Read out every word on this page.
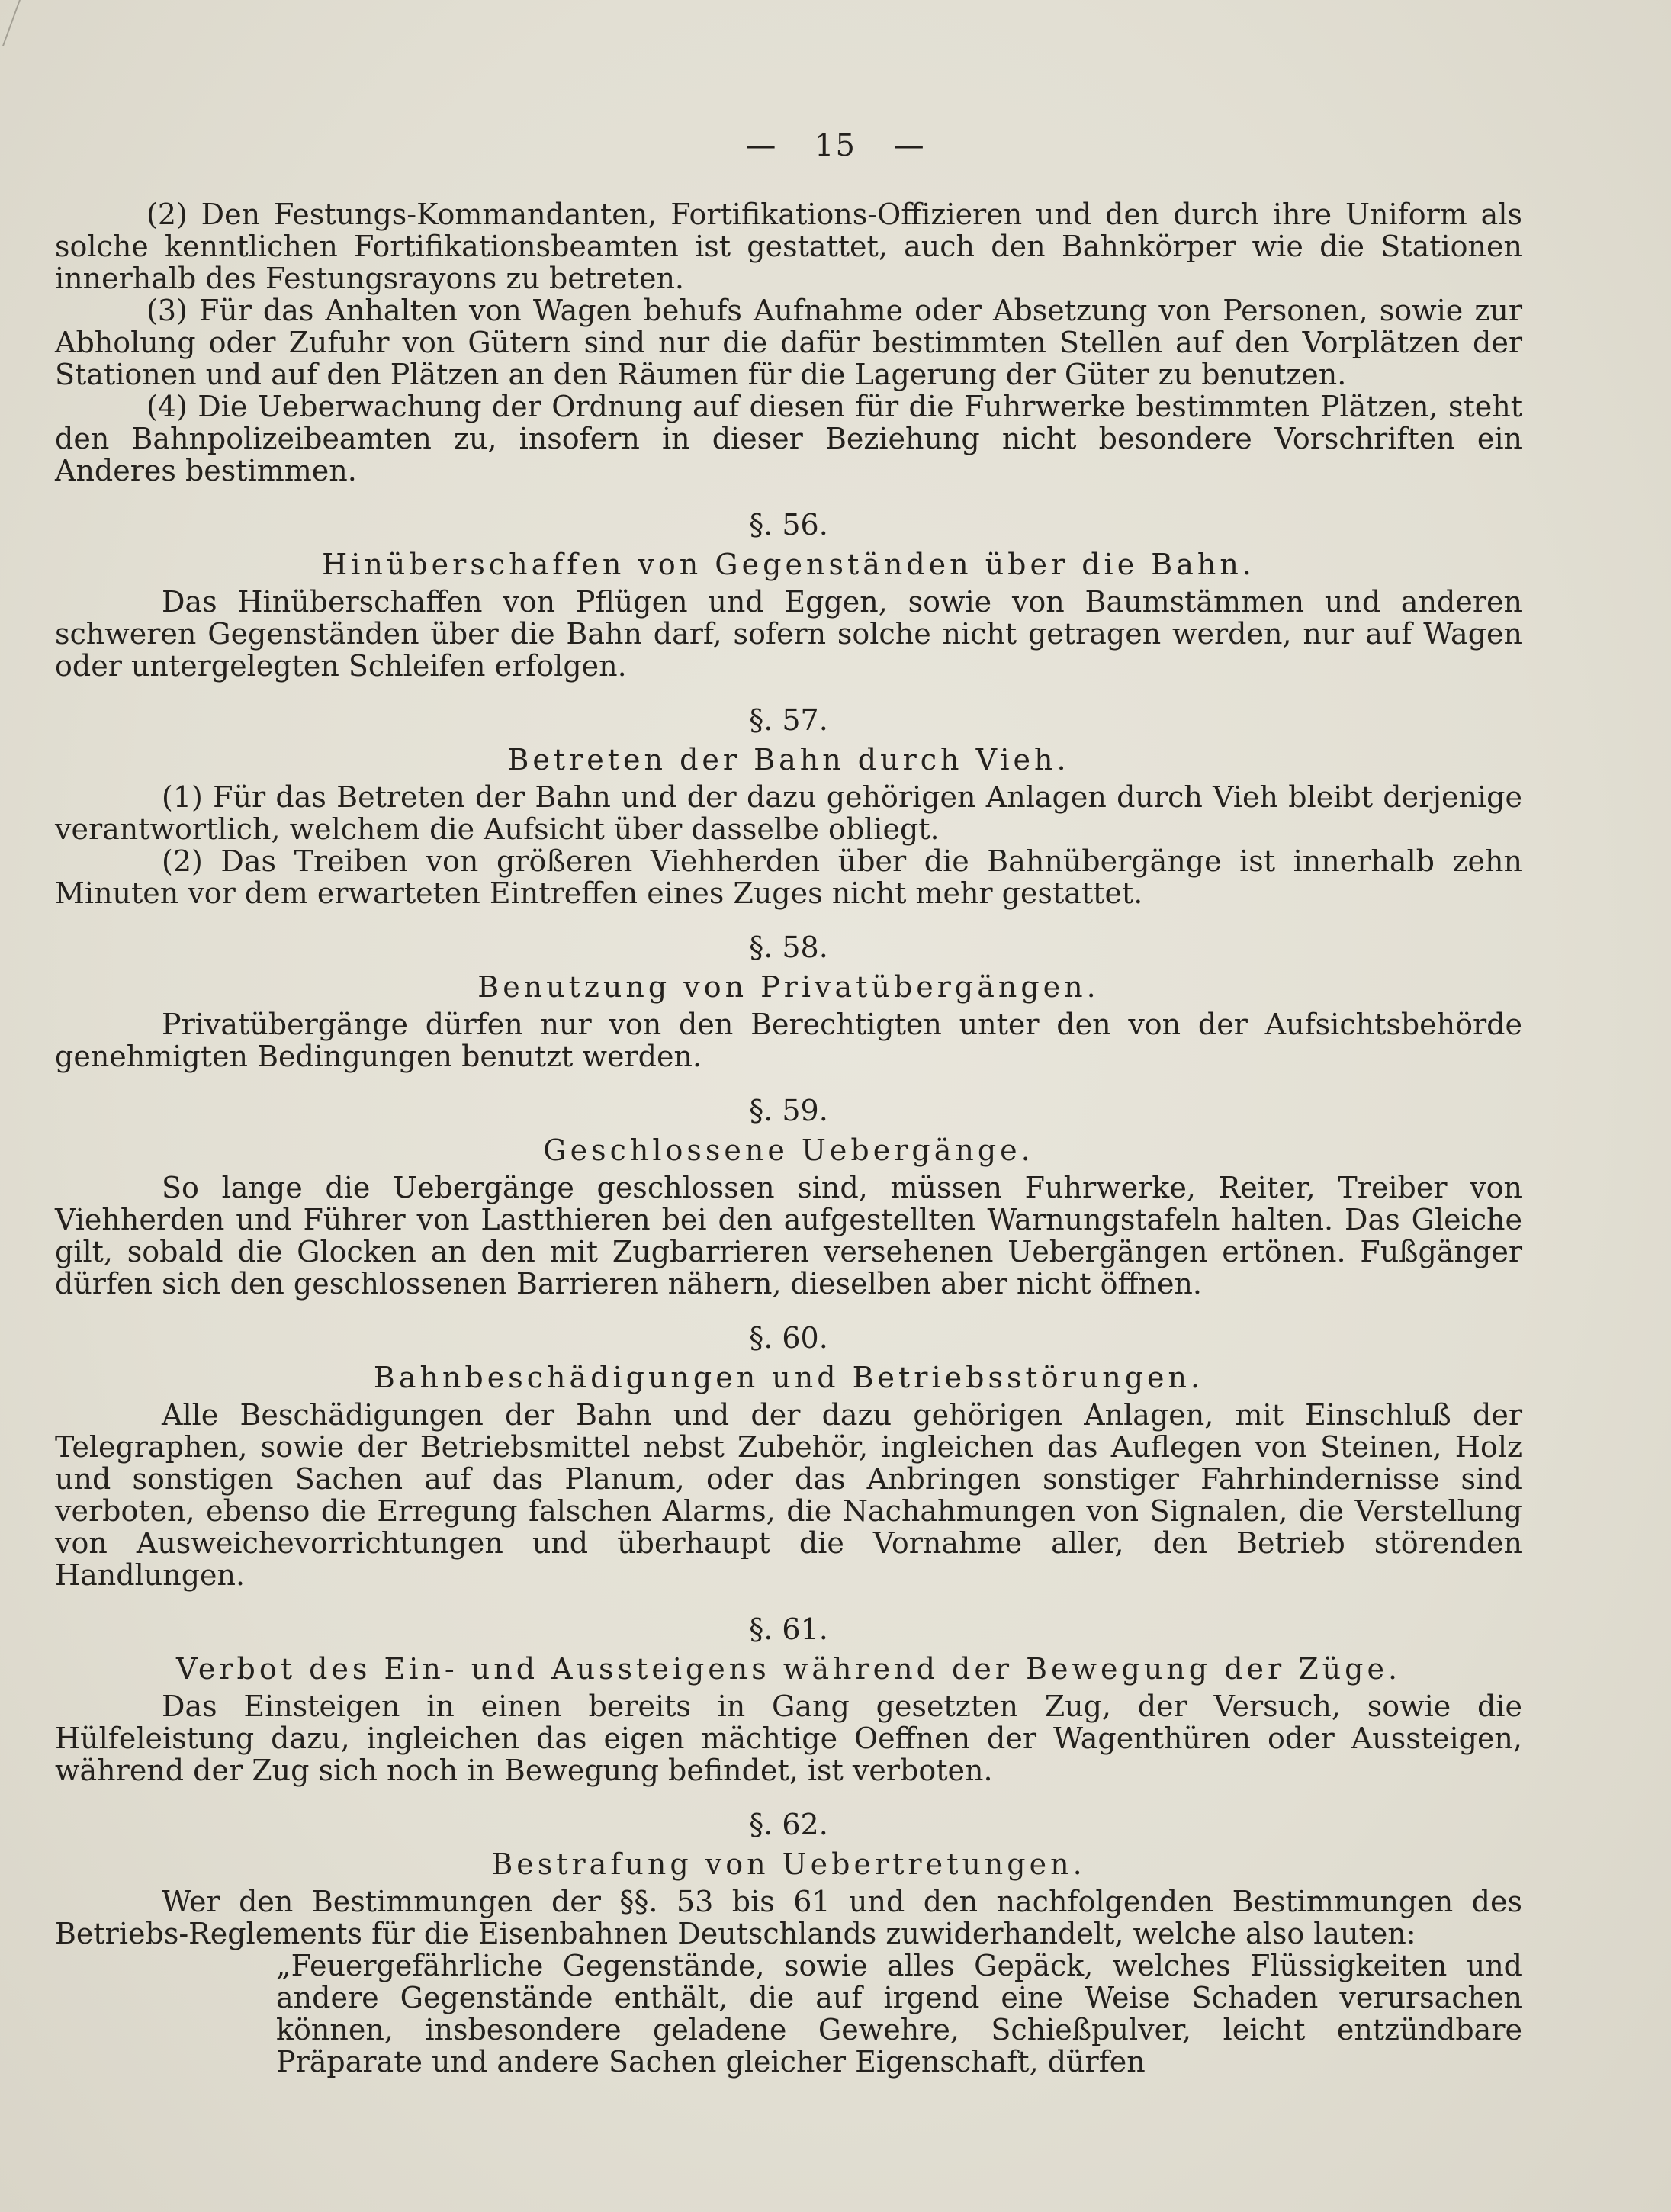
— 15 —

(2) Den Festungs-Kommandanten, Fortifikations-Offizieren und den durch ihre Uniform als solche kenntlichen Fortifikationsbeamten ist gestattet, auch den Bahnkörper wie die Stationen innerhalb des Festungsrayons zu betreten.

(3) Für das Anhalten von Wagen behufs Aufnahme oder Absetzung von Personen, sowie zur Abholung oder Zufuhr von Gütern sind nur die dafür bestimmten Stellen auf den Vorplätzen der Stationen und auf den Plätzen an den Räumen für die Lagerung der Güter zu benutzen.

(4) Die Ueberwachung der Ordnung auf diesen für die Fuhrwerke bestimmten Plätzen, steht den Bahnpolizeibeamten zu, insofern in dieser Beziehung nicht besondere Vorschriften ein Anderes bestimmen.

§. 56.
Hinüberschaffen von Gegenständen über die Bahn.

Das Hinüberschaffen von Pflügen und Eggen, sowie von Baumstämmen und anderen schweren Gegenständen über die Bahn darf, sofern solche nicht getragen werden, nur auf Wagen oder untergelegten Schleifen erfolgen.

§. 57.
Betreten der Bahn durch Vieh.

(1) Für das Betreten der Bahn und der dazu gehörigen Anlagen durch Vieh bleibt derjenige verantwortlich, welchem die Aufsicht über dasselbe obliegt.

(2) Das Treiben von größeren Viehherden über die Bahnübergänge ist innerhalb zehn Minuten vor dem erwarteten Eintreffen eines Zuges nicht mehr gestattet.

§. 58.
Benutzung von Privatübergängen.

Privatübergänge dürfen nur von den Berechtigten unter den von der Aufsichtsbehörde genehmigten Bedingungen benutzt werden.

§. 59.
Geschlossene Uebergänge.

So lange die Uebergänge geschlossen sind, müssen Fuhrwerke, Reiter, Treiber von Viehherden und Führer von Lastthieren bei den aufgestellten Warnungstafeln halten. Das Gleiche gilt, sobald die Glocken an den mit Zugbarrieren versehenen Uebergängen ertönen. Fußgänger dürfen sich den geschlossenen Barrieren nähern, dieselben aber nicht öffnen.

§. 60.
Bahnbeschädigungen und Betriebsstörungen.

Alle Beschädigungen der Bahn und der dazu gehörigen Anlagen, mit Einschluß der Telegraphen, sowie der Betriebsmittel nebst Zubehör, ingleichen das Auflegen von Steinen, Holz und sonstigen Sachen auf das Planum, oder das Anbringen sonstiger Fahrhindernisse sind verboten, ebenso die Erregung falschen Alarms, die Nachahmungen von Signalen, die Verstellung von Ausweichevorrichtungen und überhaupt die Vornahme aller, den Betrieb störenden Handlungen.

§. 61.
Verbot des Ein- und Aussteigens während der Bewegung der Züge.

Das Einsteigen in einen bereits in Gang gesetzten Zug, der Versuch, sowie die Hülfeleistung dazu, ingleichen das eigen mächtige Oeffnen der Wagenthüren oder Aussteigen, während der Zug sich noch in Bewegung befindet, ist verboten.

§. 62.
Bestrafung von Uebertretungen.

Wer den Bestimmungen der §§. 53 bis 61 und den nachfolgenden Bestimmungen des Betriebs-Reglements für die Eisenbahnen Deutschlands zuwiderhandelt, welche also lauten:

„Feuergefährliche Gegenstände, sowie alles Gepäck, welches Flüssigkeiten und andere Gegenstände enthält, die auf irgend eine Weise Schaden verursachen können, insbesondere geladene Gewehre, Schießpulver, leicht entzündbare Präparate und andere Sachen gleicher Eigenschaft, dürfen
